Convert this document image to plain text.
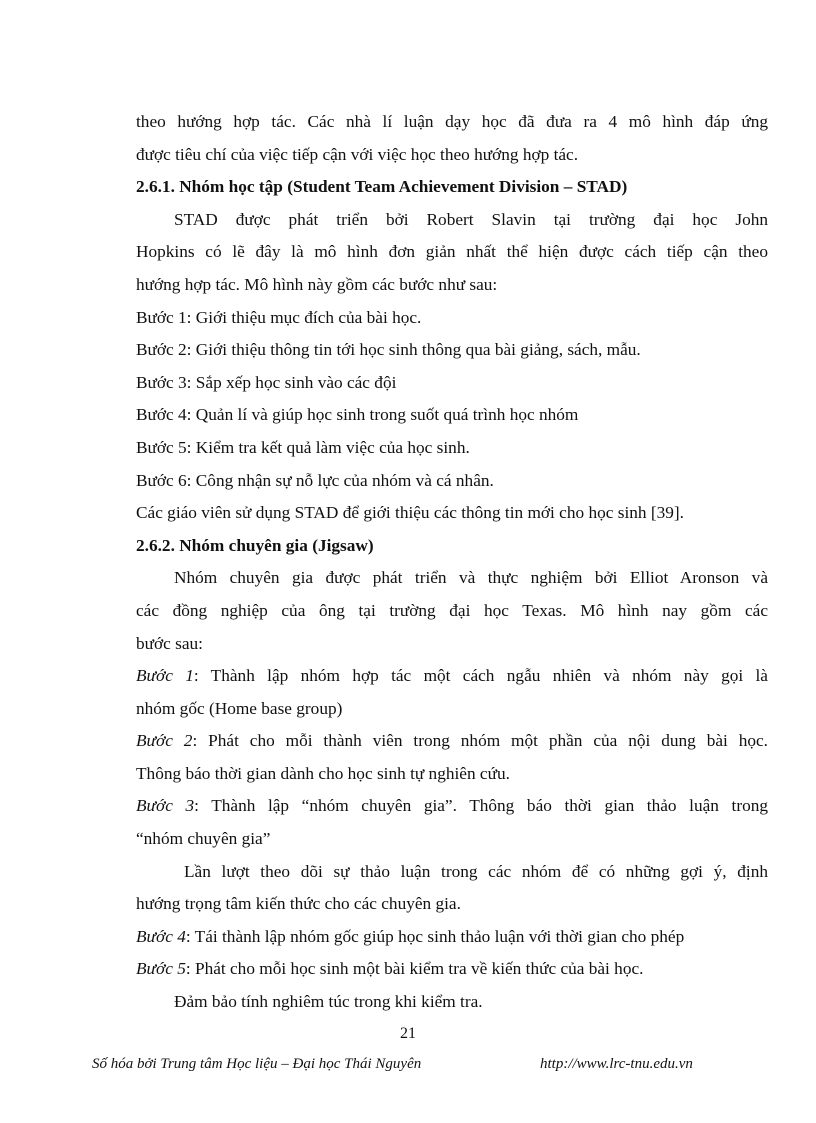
theo hướng hợp tác. Các nhà lí luận dạy học đã đưa ra 4 mô hình đáp ứng
được tiêu chí của việc tiếp cận với việc học theo hướng hợp tác.
2.6.1. Nhóm học tập (Student Team Achievement Division – STAD)
STAD được phát triển bởi Robert Slavin tại trường đại học John
Hopkins có lẽ đây là mô hình đơn giản nhất thể hiện được cách tiếp cận theo
hướng hợp tác. Mô hình này gồm các bước như sau:
Bước 1: Giới thiệu mục đích của bài học.
Bước 2: Giới thiệu thông tin tới học sinh thông qua bài giảng, sách, mẫu.
Bước 3: Sắp xếp học sinh vào các đội
Bước 4: Quản lí và giúp học sinh trong suốt quá trình học nhóm
Bước 5: Kiểm tra kết quả làm việc của học sinh.
Bước 6: Công nhận sự nỗ lực của nhóm và cá nhân.
Các giáo viên sử dụng STAD để giới thiệu các thông tin mới cho học sinh [39].
2.6.2. Nhóm chuyên gia (Jigsaw)
Nhóm chuyên gia được phát triển và thực nghiệm bởi Elliot Aronson và
các đồng nghiệp của ông tại trường đại học Texas. Mô hình nay gồm các
bước sau:
Bước 1: Thành lập nhóm hợp tác một cách ngẫu nhiên và nhóm này gọi là
nhóm gốc (Home base group)
Bước 2: Phát cho mỗi thành viên trong nhóm một phần của nội dung bài học.
Thông báo thời gian dành cho học sinh tự nghiên cứu.
Bước 3: Thành lập “nhóm chuyên gia”. Thông báo thời gian thảo luận trong
“nhóm chuyên gia”
Lần lượt theo dõi sự thảo luận trong các nhóm để có những gợi ý, định
hướng trọng tâm kiến thức cho các chuyên gia.
Bước 4: Tái thành lập nhóm gốc giúp học sinh thảo luận với thời gian cho phép
Bước 5: Phát cho mỗi học sinh một bài kiểm tra về kiến thức của bài học.
Đảm bảo tính nghiêm túc trong khi kiểm tra.
21
Số hóa bởi Trung tâm Học liệu – Đại học Thái Nguyên	http://www.lrc-tnu.edu.vn
